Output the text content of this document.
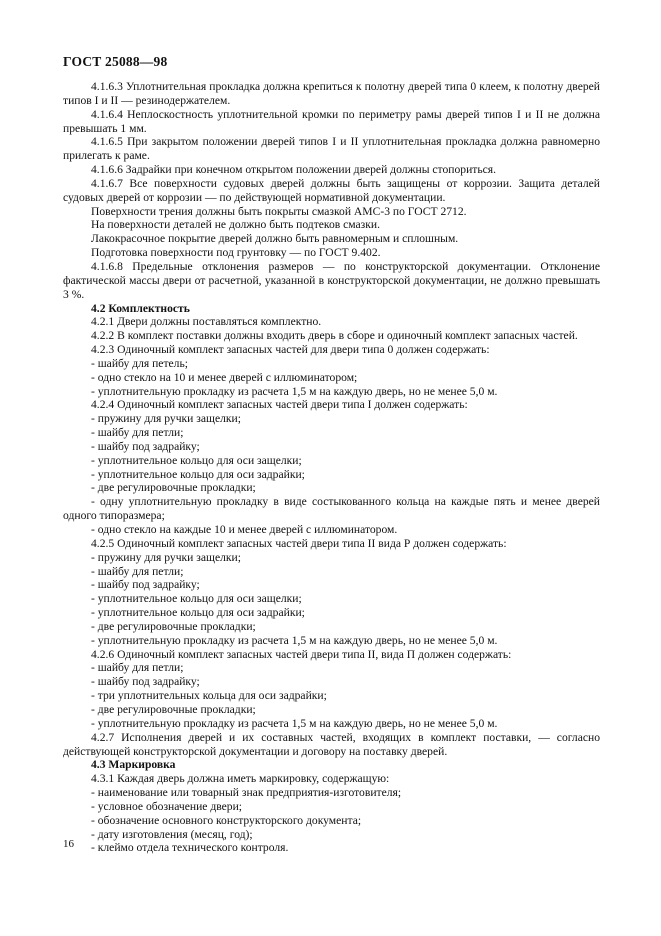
ГОСТ 25088—98

4.1.6.3 Уплотнительная прокладка должна крепиться к полотну дверей типа 0 клеем, к полотну дверей типов I и II — резинодержателем.

4.1.6.4 Неплоскостность уплотнительной кромки по периметру рамы дверей типов I и II не должна превышать 1 мм.

4.1.6.5 При закрытом положении дверей типов I и II уплотнительная прокладка должна равномерно прилегать к раме.

4.1.6.6 Задрайки при конечном открытом положении дверей должны стопориться.

4.1.6.7 Все поверхности судовых дверей должны быть защищены от коррозии. Защита деталей судовых дверей от коррозии — по действующей нормативной документации.

Поверхности трения должны быть покрыты смазкой АМС-3 по ГОСТ 2712.

На поверхности деталей не должно быть подтеков смазки.

Лакокрасочное покрытие дверей должно быть равномерным и сплошным.

Подготовка поверхности под грунтовку — по ГОСТ 9.402.

4.1.6.8 Предельные отклонения размеров — по конструкторской документации. Отклонение фактической массы двери от расчетной, указанной в конструкторской документации, не должно превышать 3 %.

4.2 Комплектность

4.2.1 Двери должны поставляться комплектно.

4.2.2 В комплект поставки должны входить дверь в сборе и одиночный комплект запасных частей.

4.2.3 Одиночный комплект запасных частей для двери типа 0 должен содержать:

- шайбу для петель;

- одно стекло на 10 и менее дверей с иллюминатором;

- уплотнительную прокладку из расчета 1,5 м на каждую дверь, но не менее 5,0 м.

4.2.4 Одиночный комплект запасных частей двери типа I должен содержать:

- пружину для ручки защелки;

- шайбу для петли;

- шайбу под задрайку;

- уплотнительное кольцо для оси защелки;

- уплотнительное кольцо для оси задрайки;

- две регулировочные прокладки;

- одну уплотнительную прокладку в виде состыкованного кольца на каждые пять и менее дверей одного типоразмера;

- одно стекло на каждые 10 и менее дверей с иллюминатором.

4.2.5 Одиночный комплект запасных частей двери типа II вида Р должен содержать:

- пружину для ручки защелки;

- шайбу для петли;

- шайбу под задрайку;

- уплотнительное кольцо для оси защелки;

- уплотнительное кольцо для оси задрайки;

- две регулировочные прокладки;

- уплотнительную прокладку из расчета 1,5 м на каждую дверь, но не менее 5,0 м.

4.2.6 Одиночный комплект запасных частей двери типа II, вида П должен содержать:

- шайбу для петли;

- шайбу под задрайку;

- три уплотнительных кольца для оси задрайки;

- две регулировочные прокладки;

- уплотнительную прокладку из расчета 1,5 м на каждую дверь, но не менее 5,0 м.

4.2.7 Исполнения дверей и их составных частей, входящих в комплект поставки, — согласно действующей конструкторской документации и договору на поставку дверей.

4.3 Маркировка

4.3.1 Каждая дверь должна иметь маркировку, содержащую:

- наименование или товарный знак предприятия-изготовителя;

- условное обозначение двери;

- обозначение основного конструкторского документа;

- дату изготовления (месяц, год);

- клеймо отдела технического контроля.

16
